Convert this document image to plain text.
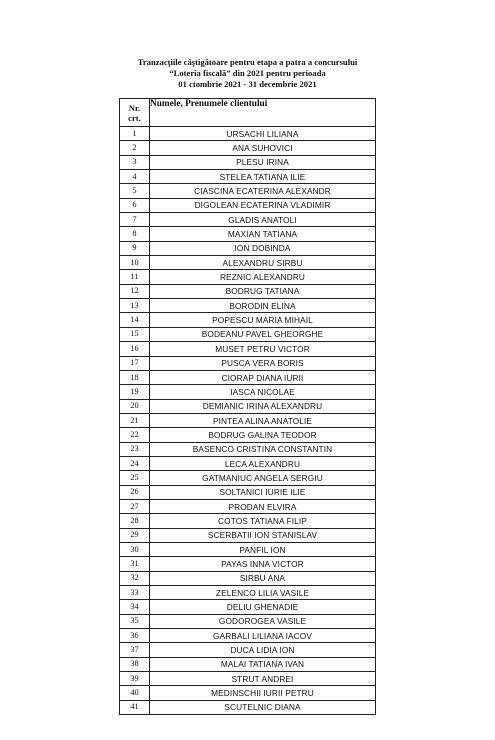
Tranzacţiile câştigătoare pentru etapa a patra a concursului
“Loteria fiscală” din 2021 pentru perioada
01 ctombrie 2021 - 31 decembrie 2021
Nr.
crt.	Numele, Prenumele clientului
1	URSACHI LILIANA
2	ANA SUHOVICI
3	PLESU IRINA
4	STELEA TATIANA ILIE
5	CIASCINA ECATERINA ALEXANDR
6	DIGOLEAN ECATERINA VLADIMIR
7	GLADIS ANATOLI
8	MAXIAN TATIANA
9	ION DOBINDA
10	ALEXANDRU SIRBU
11	REZNIC ALEXANDRU
12	BODRUG TATIANA
13	BORODIN ELINA
14	POPESCU MARIA MIHAIL
15	BODEANU PAVEL GHEORGHE
16	MUSET PETRU VICTOR
17	PUSCA VERA BORIS
18	CIORAP DIANA IURII
19	IASCA NICOLAE
20	DEMIANIC IRINA ALEXANDRU
21	PINTEA ALINA ANATOLIE
22	BODRUG GALINA TEODOR
23	BASENCO CRISTINA CONSTANTIN
24	LECA ALEXANDRU
25	GATMANIUC ANGELA SERGIU
26	SOLTANICI IURIE ILIE
27	PRODAN ELVIRA
28	COTOS TATIANA FILIP
29	SCERBATII ION STANISLAV
30	PANFIL ION
31	PAYAS INNA VICTOR
32	SIRBU ANA
33	ZELENCO LILIA VASILE
34	DELIU GHENADIE
35	GODOROGEA VASILE
36	GARBALI LILIANA IACOV
37	DUCA LIDIA ION
38	MALAI TATIANA IVAN
39	STRUT ANDREI
40	MEDINSCHII IURII PETRU
41	SCUTELNIC DIANA
